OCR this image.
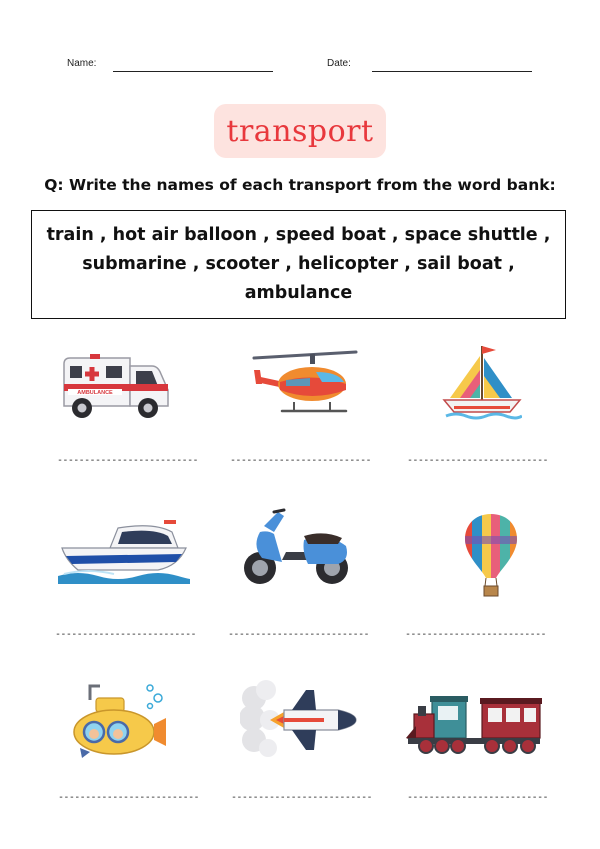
Name:	Date:
transport
Q: Write the names of each transport from the word bank:
train , hot air balloon , speed boat , space shuttle , submarine , scooter , helicopter , sail boat , ambulance
AMBULANCE
--------------------------	--------------------------	--------------------------
--------------------------	--------------------------	--------------------------
--------------------------	--------------------------	--------------------------
